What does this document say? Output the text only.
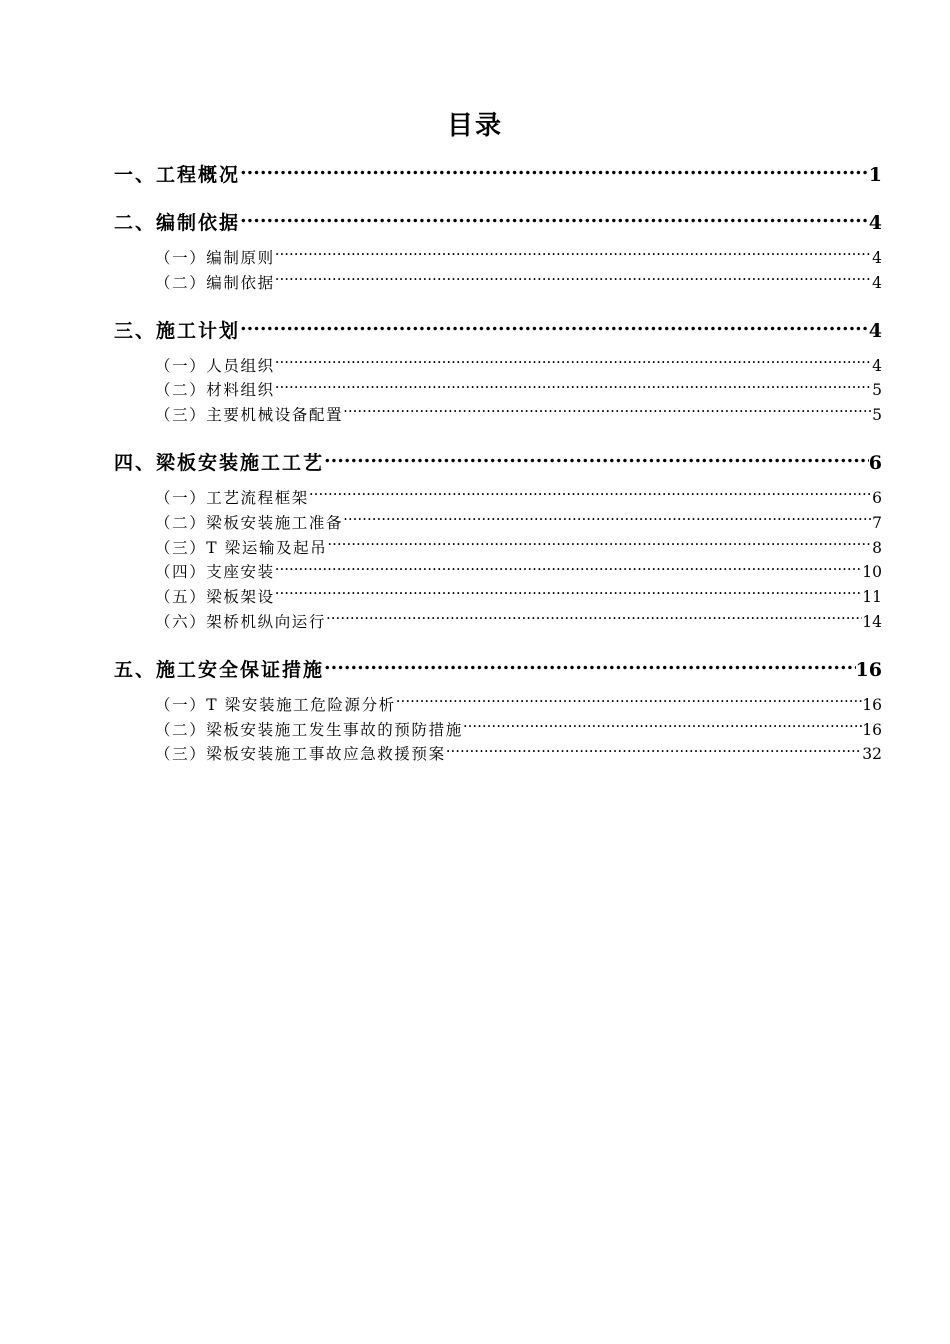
目录
一、工程概况 .....	1
二、编制依据 .....	4
（一）编制原则 .....	4
（二）编制依据 .....	4
三、施工计划 .....	4
（一）人员组织 .....	4
（二）材料组织 .....	5
（三）主要机械设备配置 .....	5
四、梁板安装施工工艺 .....	6
（一）工艺流程框架 .....	6
（二）梁板安装施工准备 .....	7
（三）T 梁运输及起吊 .....	8
（四）支座安装 .....	10
（五）梁板架设 .....	11
（六）架桥机纵向运行 .....	14
五、施工安全保证措施 .....	16
（一）T 梁安装施工危险源分析 .....	16
（二）梁板安装施工发生事故的预防措施 .....	16
（三）梁板安装施工事故应急救援预案 .....	32
